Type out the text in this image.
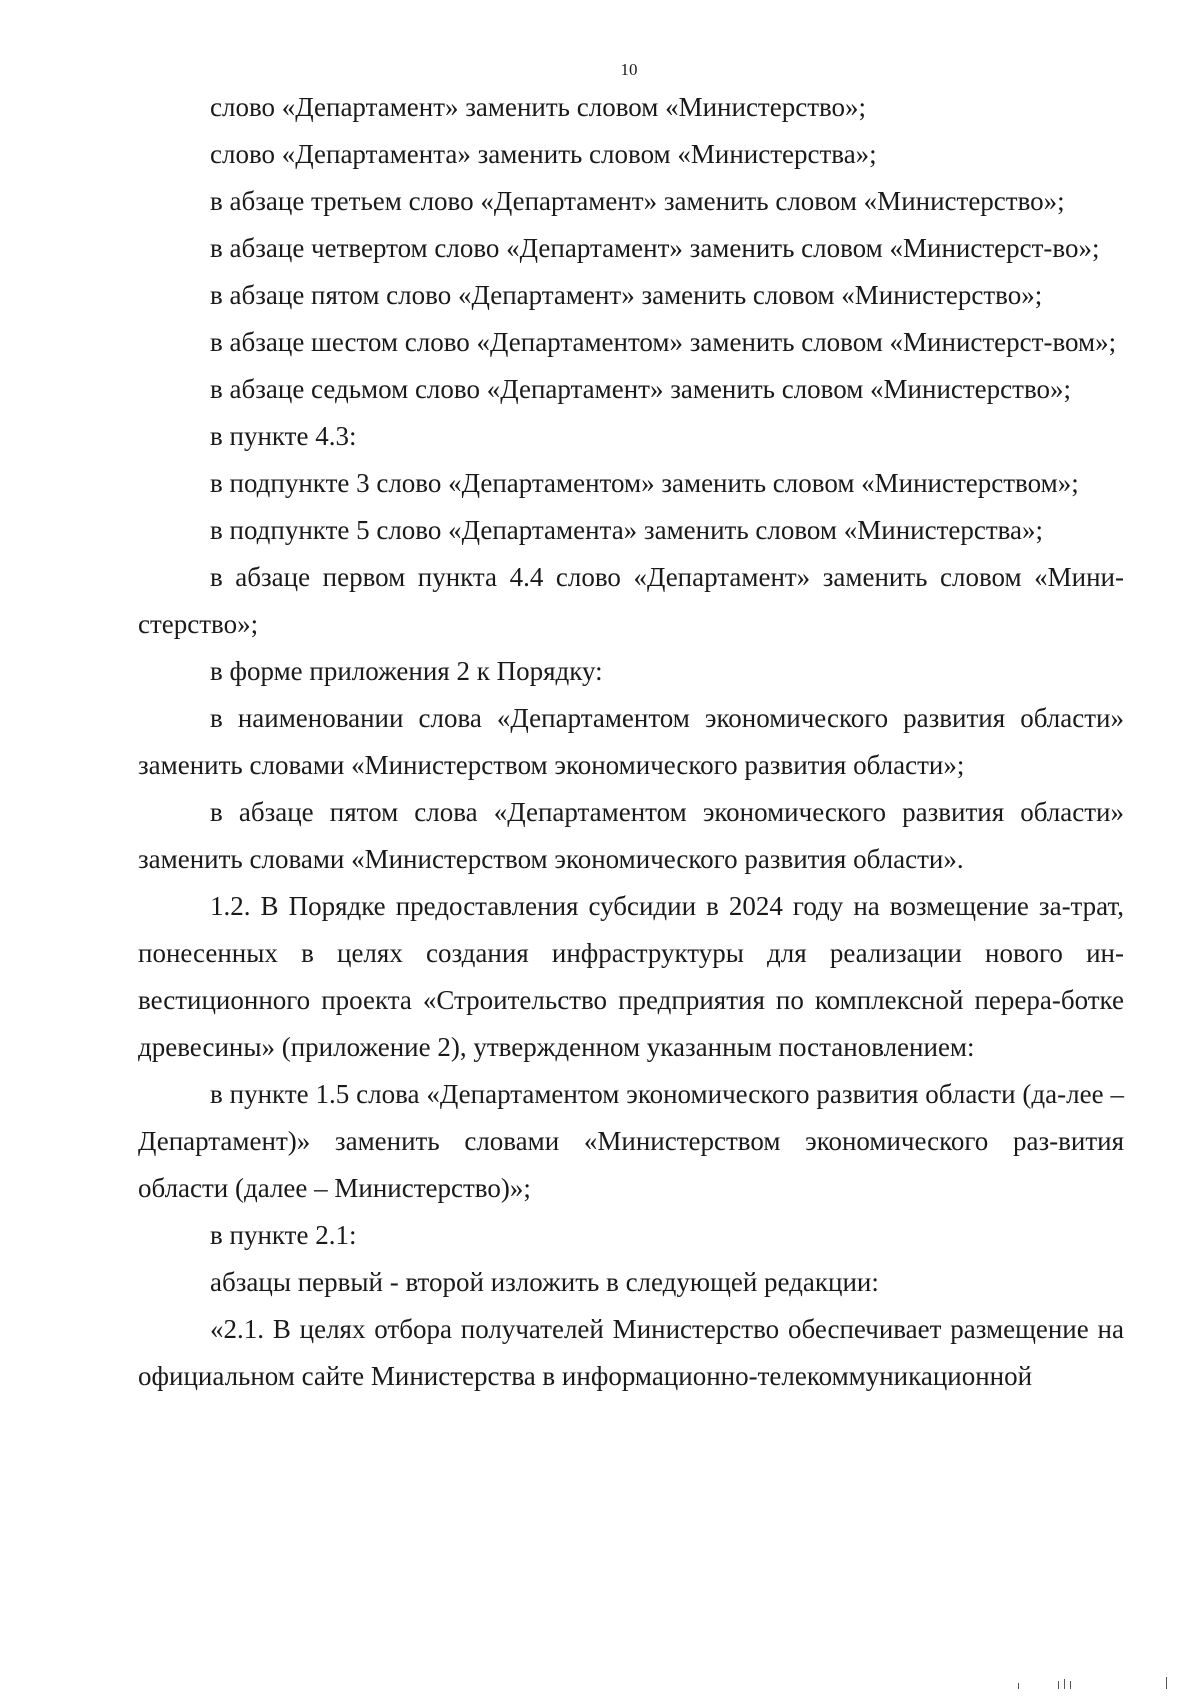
10

слово «Департамент» заменить словом «Министерство»;

слово «Департамента» заменить словом «Министерства»;

в абзаце третьем слово «Департамент» заменить словом «Министерство»;

в абзаце четвертом слово «Департамент» заменить словом «Министерст-во»;

в абзаце пятом слово «Департамент» заменить словом «Министерство»;

в абзаце шестом слово «Департаментом» заменить словом «Министерст-вом»;

в абзаце седьмом слово «Департамент» заменить словом «Министерство»;

в пункте 4.3:

в подпункте 3 слово «Департаментом» заменить словом «Министерством»;

в подпункте 5 слово «Департамента» заменить словом «Министерства»;

в абзаце первом пункта 4.4 слово «Департамент» заменить словом «Мини-стерство»;

в форме приложения 2 к Порядку:

в наименовании слова «Департаментом экономического развития области» заменить словами «Министерством экономического развития области»;

в абзаце пятом слова «Департаментом экономического развития области» заменить словами «Министерством экономического развития области».

1.2. В Порядке предоставления субсидии в 2024 году на возмещение за-трат, понесенных в целях создания инфраструктуры для реализации нового ин-вестиционного проекта «Строительство предприятия по комплексной перера-ботке древесины» (приложение 2), утвержденном указанным постановлением:

в пункте 1.5 слова «Департаментом экономического развития области (да-лее – Департамент)» заменить словами «Министерством экономического раз-вития области (далее – Министерство)»;

в пункте 2.1:

абзацы первый - второй изложить в следующей редакции:

«2.1. В целях отбора получателей Министерство обеспечивает размещение на официальном сайте Министерства в информационно-телекоммуникационной
